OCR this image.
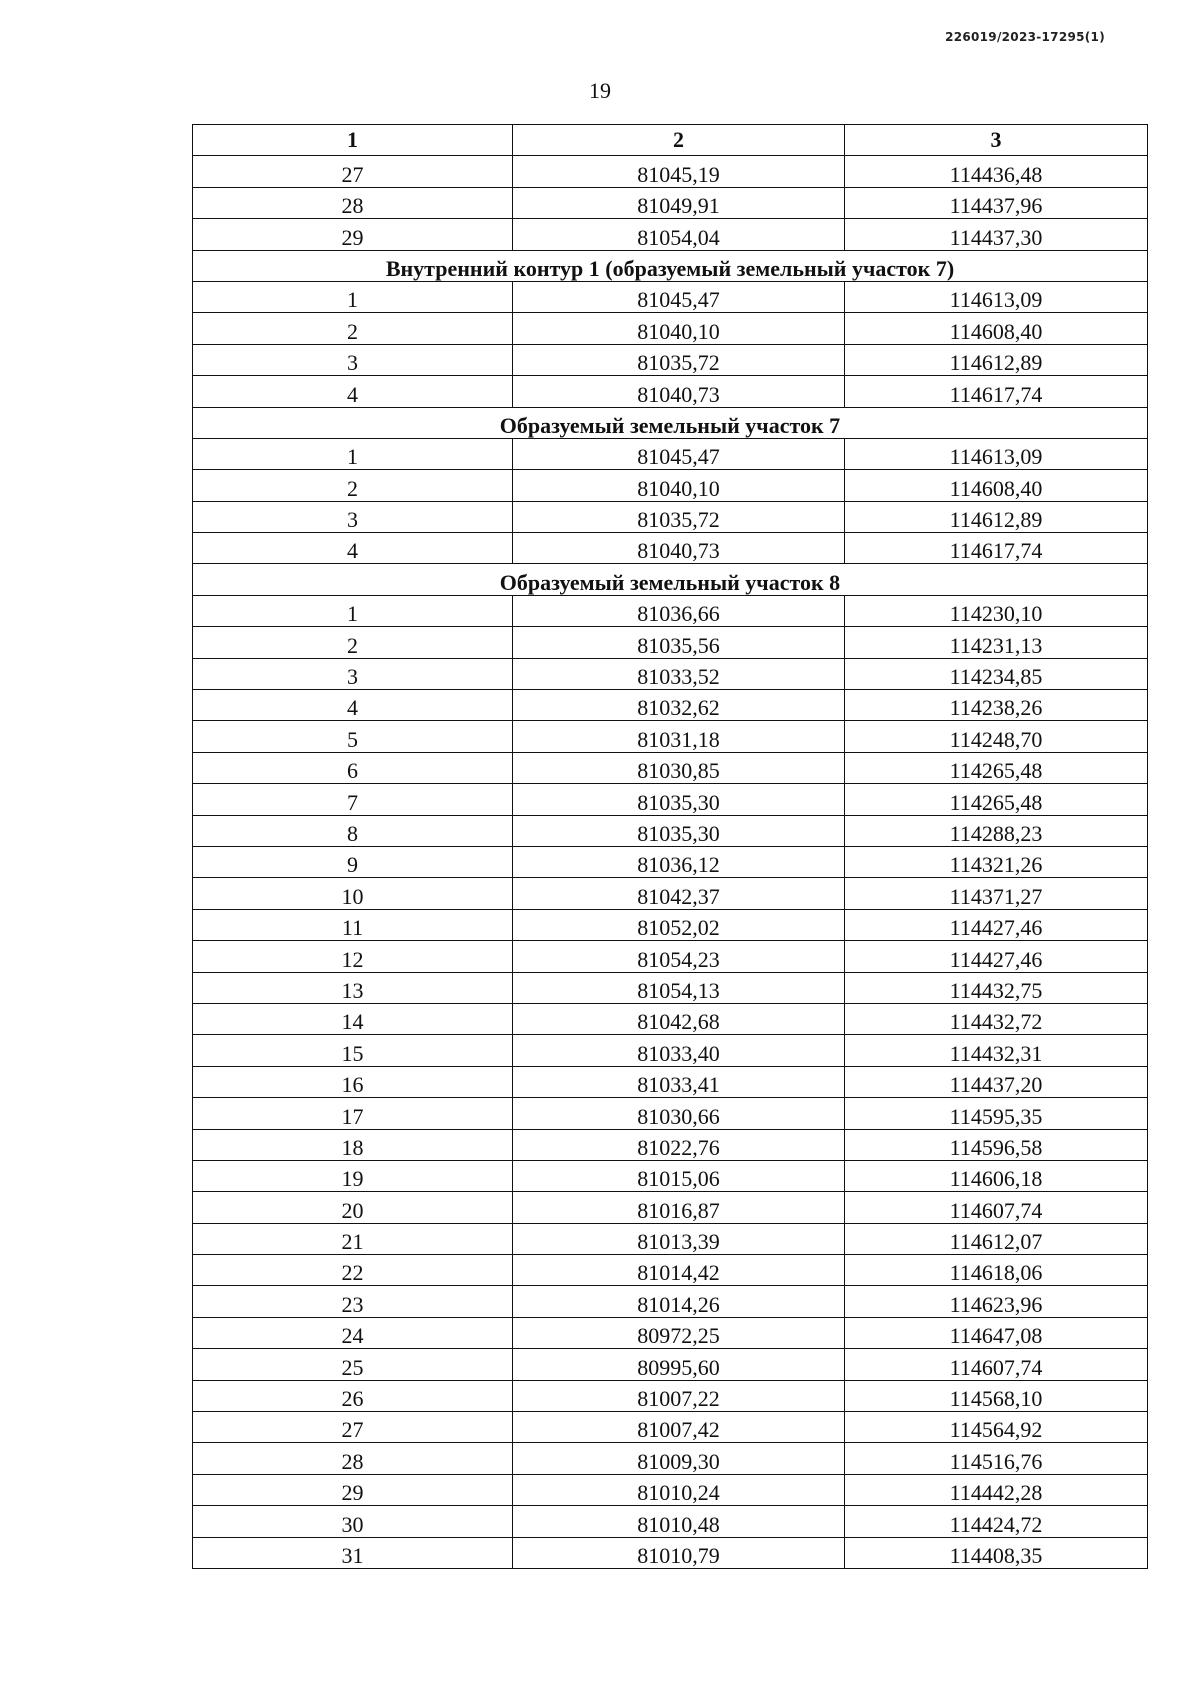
226019/2023-17295(1)
19
1	2	3
27	81045,19	114436,48
28	81049,91	114437,96
29	81054,04	114437,30
Внутренний контур 1 (образуемый земельный участок 7)		
1	81045,47	114613,09
2	81040,10	114608,40
3	81035,72	114612,89
4	81040,73	114617,74
Образуемый земельный участок 7		
1	81045,47	114613,09
2	81040,10	114608,40
3	81035,72	114612,89
4	81040,73	114617,74
Образуемый земельный участок 8		
1	81036,66	114230,10
2	81035,56	114231,13
3	81033,52	114234,85
4	81032,62	114238,26
5	81031,18	114248,70
6	81030,85	114265,48
7	81035,30	114265,48
8	81035,30	114288,23
9	81036,12	114321,26
10	81042,37	114371,27
11	81052,02	114427,46
12	81054,23	114427,46
13	81054,13	114432,75
14	81042,68	114432,72
15	81033,40	114432,31
16	81033,41	114437,20
17	81030,66	114595,35
18	81022,76	114596,58
19	81015,06	114606,18
20	81016,87	114607,74
21	81013,39	114612,07
22	81014,42	114618,06
23	81014,26	114623,96
24	80972,25	114647,08
25	80995,60	114607,74
26	81007,22	114568,10
27	81007,42	114564,92
28	81009,30	114516,76
29	81010,24	114442,28
30	81010,48	114424,72
31	81010,79	114408,35
